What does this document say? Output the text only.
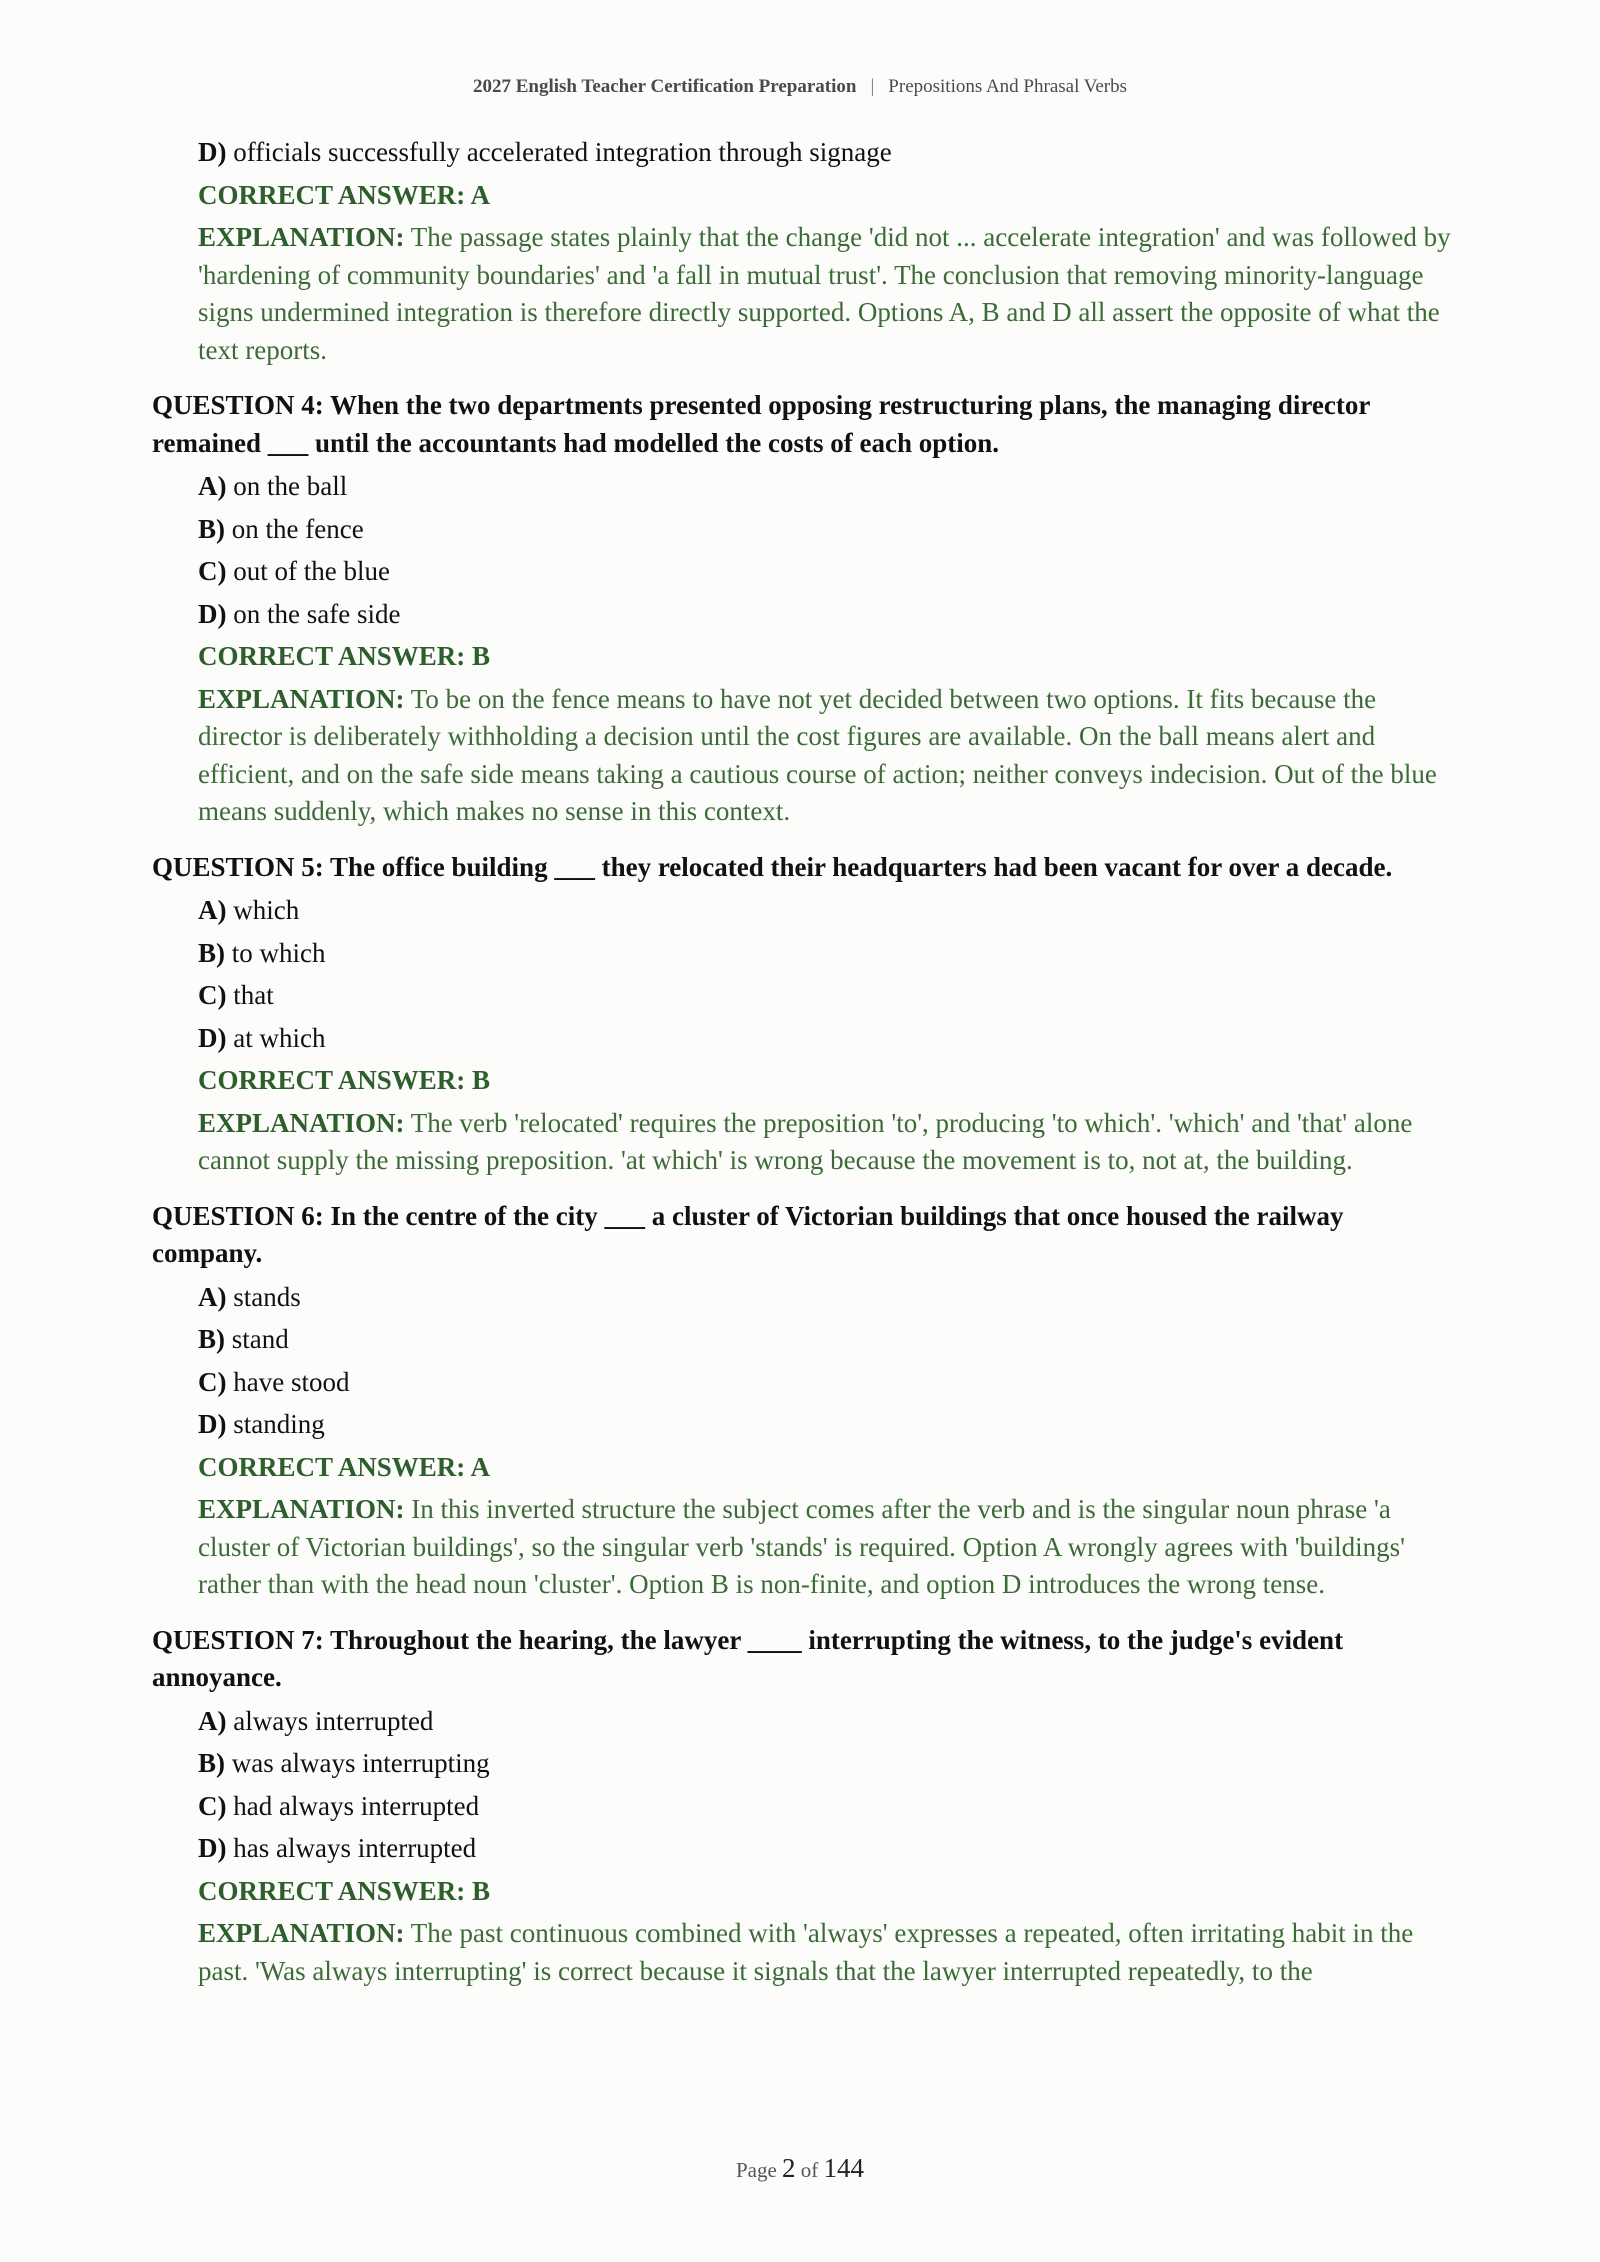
2027 English Teacher Certification Preparation | Prepositions And Phrasal Verbs

D) officials successfully accelerated integration through signage

CORRECT ANSWER: A

EXPLANATION: The passage states plainly that the change 'did not ... accelerate integration' and was followed by 'hardening of community boundaries' and 'a fall in mutual trust'. The conclusion that removing minority-language signs undermined integration is therefore directly supported. Options A, B and D all assert the opposite of what the text reports.

QUESTION 4: When the two departments presented opposing restructuring plans, the managing director remained ___ until the accountants had modelled the costs of each option.

A) on the ball

B) on the fence

C) out of the blue

D) on the safe side

CORRECT ANSWER: B

EXPLANATION: To be on the fence means to have not yet decided between two options. It fits because the director is deliberately withholding a decision until the cost figures are available. On the ball means alert and efficient, and on the safe side means taking a cautious course of action; neither conveys indecision. Out of the blue means suddenly, which makes no sense in this context.

QUESTION 5: The office building ___ they relocated their headquarters had been vacant for over a decade.

A) which

B) to which

C) that

D) at which

CORRECT ANSWER: B

EXPLANATION: The verb 'relocated' requires the preposition 'to', producing 'to which'. 'which' and 'that' alone cannot supply the missing preposition. 'at which' is wrong because the movement is to, not at, the building.

QUESTION 6: In the centre of the city ___ a cluster of Victorian buildings that once housed the railway company.

A) stands

B) stand

C) have stood

D) standing

CORRECT ANSWER: A

EXPLANATION: In this inverted structure the subject comes after the verb and is the singular noun phrase 'a cluster of Victorian buildings', so the singular verb 'stands' is required. Option A wrongly agrees with 'buildings' rather than with the head noun 'cluster'. Option B is non-finite, and option D introduces the wrong tense.

QUESTION 7: Throughout the hearing, the lawyer ____ interrupting the witness, to the judge's evident annoyance.

A) always interrupted

B) was always interrupting

C) had always interrupted

D) has always interrupted

CORRECT ANSWER: B

EXPLANATION: The past continuous combined with 'always' expresses a repeated, often irritating habit in the past. 'Was always interrupting' is correct because it signals that the lawyer interrupted repeatedly, to the

Page 2 of 144
